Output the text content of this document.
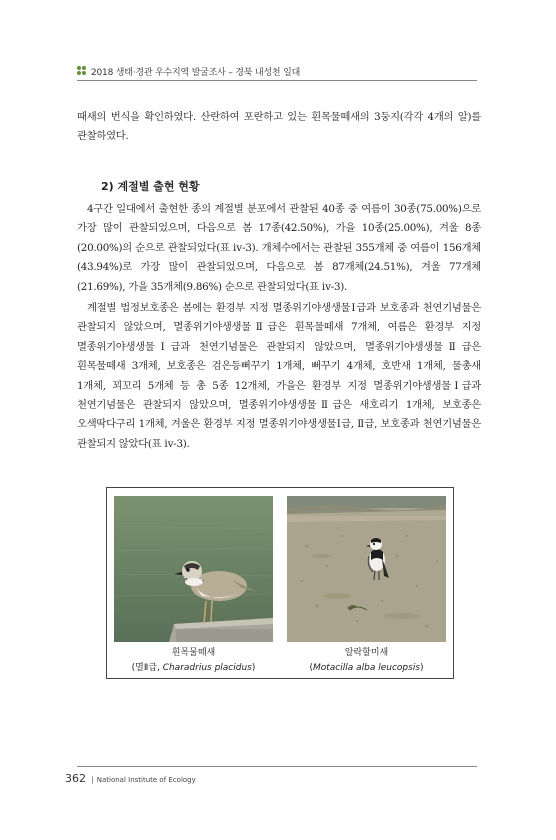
2018 생태·경관 우수지역 발굴조사 – 경북 내성천 일대

때새의 번식을 확인하였다. 산란하여 포란하고 있는 흰목물떼새의 3둥지(각각 4개의 알)를 관찰하였다.

2) 계절별 출현 현황

4구간 일대에서 출현한 종의 계절별 분포에서 관찰된 40종 중 여름이 30종(75.00%)으로 가장 많이 관찰되었으며, 다음으로 봄 17종(42.50%), 가을 10종(25.00%), 겨울 8종(20.00%)의 순으로 관찰되었다(표 ⅳ-3). 개체수에서는 관찰된 355개체 중 여름이 156개체(43.94%)로 가장 많이 관찰되었으며, 다음으로 봄 87개체(24.51%), 겨울 77개체(21.69%), 가을 35개체(9.86%) 순으로 관찰되었다(표 ⅳ-3).

계절별 법정보호종은 봄에는 환경부 지정 멸종위기야생생물Ⅰ급과 보호종과 천연기념물은 관찰되지 않았으며, 멸종위기야생생물Ⅱ급은 흰목물떼새 7개체, 여름은 환경부 지정 멸종위기야생생물Ⅰ급과 천연기념물은 관찰되지 않았으며, 멸종위기야생생물Ⅱ급은 흰목물떼새 3개체, 보호종은 검은등뻐꾸기 1개체, 뻐꾸기 4개체, 호반새 1개체, 물총새 1개체, 꾀꼬리 5개체 등 총 5종 12개체, 가을은 환경부 지정 멸종위기야생생물Ⅰ급과 천연기념물은 관찰되지 않았으며, 멸종위기야생생물Ⅱ급은 새호리기 1개체, 보호종은 오색딱다구리 1개체, 겨울은 환경부 지정 멸종위기야생생물Ⅰ급, Ⅱ급, 보호종과 천연기념물은 관찰되지 않았다(표 ⅳ-3).

흰목물떼새
(멸Ⅱ급, Charadrius placidus)
알락할미새
(Motacilla alba leucopsis)
362 | National Institute of Ecology
